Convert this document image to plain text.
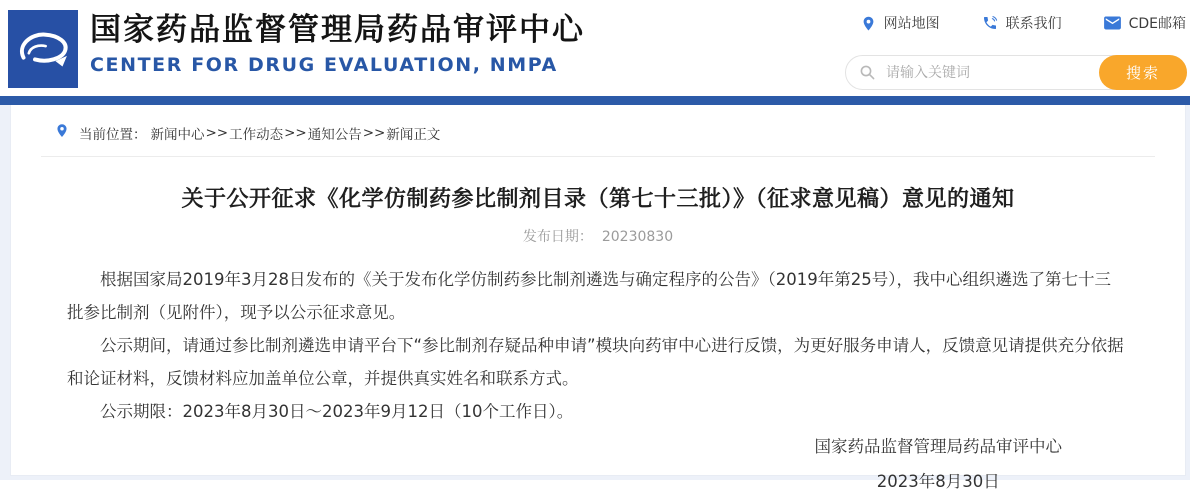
国家药品监督管理局药品审评中心
CENTER FOR DRUG EVALUATION, NMPA
网站地图	联系我们	CDE邮箱
请输入关键词
搜索
当前位置： 新闻中心 >> 工作动态 >> 通知公告 >> 新闻正文
关于公开征求《化学仿制药参比制剂目录（第七十三批）》（征求意见稿）意见的通知
发布日期： 20230830

根据国家局2019年3月28日发布的《关于发布化学仿制药参比制剂遴选与确定程序的公告》（2019年第25号），我中心组织遴选了第七十三批参比制剂（见附件），现予以公示征求意见。

公示期间，请通过参比制剂遴选申请平台下“参比制剂存疑品种申请”模块向药审中心进行反馈，为更好服务申请人，反馈意见请提供充分依据和论证材料，反馈材料应加盖单位公章，并提供真实姓名和联系方式。

公示期限：2023年8月30日～2023年9月12日（10个工作日）。

国家药品监督管理局药品审评中心
2023年8月30日
